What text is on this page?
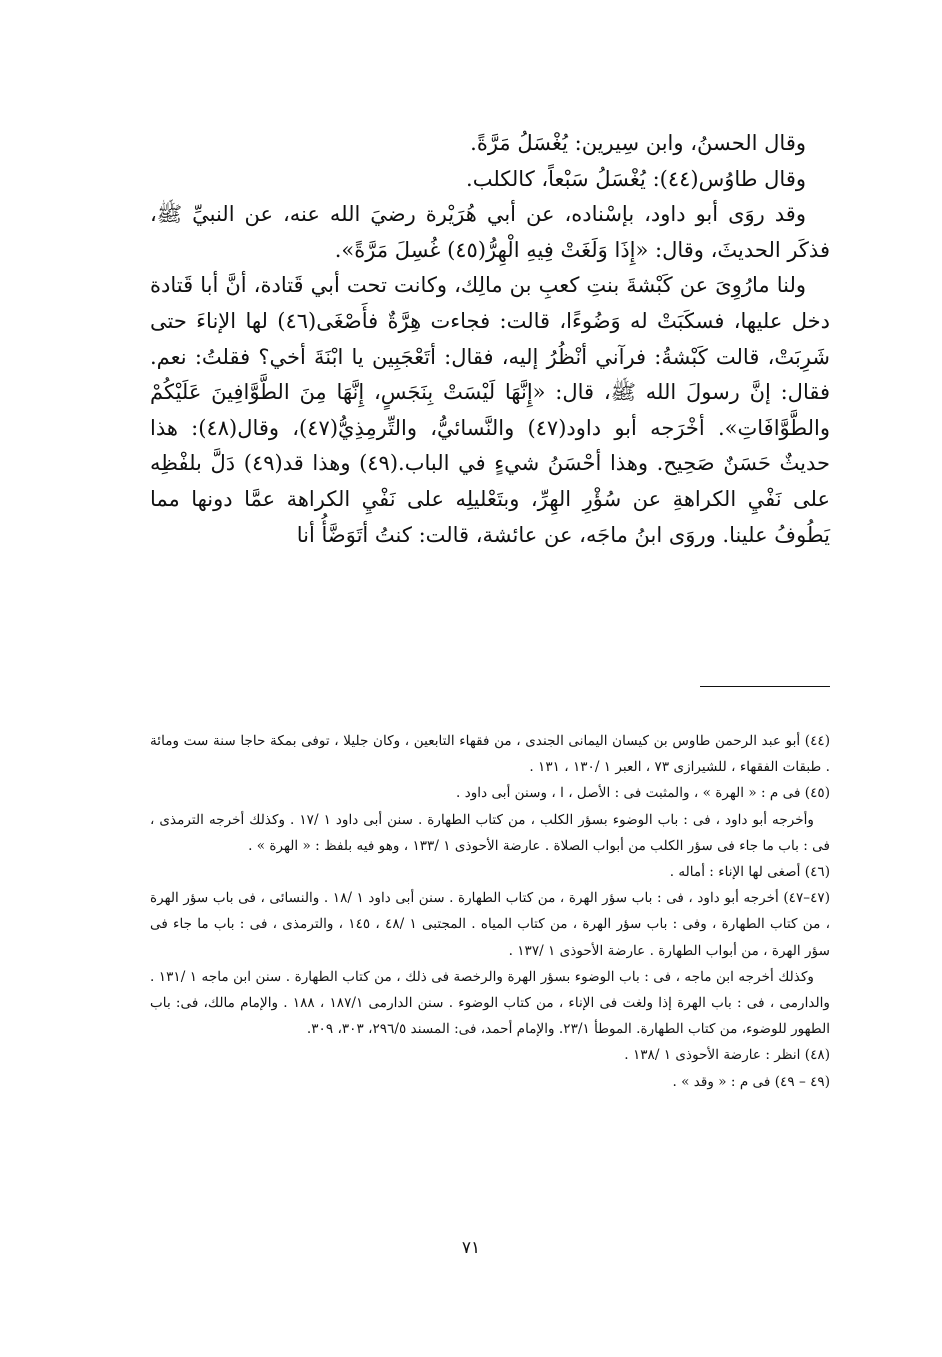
وقال الحسنُ، وابن سِيرين: يُغْسَلُ مَرَّةً.

وقال طاوُس(٤٤): يُغْسَلُ سَبْعاً، كالكلب.

وقد روَى أبو داود، بإسْناده، عن أبي هُرَيْرة رضيَ الله عنه، عن النبيِّ ﷺ، فذكَر الحديثَ، وقال: «إِذَا وَلَغَتْ فِيهِ الْهِرُّ(٤٥) غُسِلَ مَرَّةً».

ولنا مارُوِىَ عن كَبْشةَ بنتِ كعبِ بن مالِك، وكانت تحت أبي قَتادة، أنَّ أبا قَتادة دخل عليها، فسكَبَتْ له وَضُوءًا، قالت: فجاءت هِرَّةٌ فأَصْغَى(٤٦) لها الإناءَ حتى شَرِبَتْ، قالت كَبْشةُ: فرآني أنْظُرُ إليه، فقال: أتَعْجَبِين يا ابْنَةَ أخي؟ فقلتُ: نعم. فقال: إنَّ رسولَ الله ﷺ، قال: «إِنَّهَا لَيْسَتْ بِنَجَسٍ، إِنَّهَا مِنَ الطَّوَّافِينَ عَلَيْكُمْ والطَّوَّافَاتِ». أخْرَجه أبو داود(٤٧) والنَّسائيُّ، والتِّرمِذِيُّ(٤٧)، وقال(٤٨): هذا حديثٌ حَسَنٌ صَحِيح. وهذا أحْسَنُ شيءٍ في الباب.(٤٩) وهذا قد(٤٩) دَلَّ بلفْظِه على نَفْيِ الكراهةِ عن سُؤْرِ الهِرِّ، وبتَعْليلِه على نَفْيِ الكراهة عمَّا دونها مما يَطُوفُ علينا. وروَى ابنُ ماجَه، عن عائشة، قالت: كنتُ أتَوَضَّأُ أنا

(٤٤) أبو عبد الرحمن طاوس بن كيسان اليمانى الجندى ، من فقهاء التابعين ، وكان جليلا ، توفى بمكة حاجا سنة ست ومائة . طبقات الفقهاء ، للشيرازى ٧٣ ، العبر ١ /١٣٠ ، ١٣١ .

(٤٥) فى م : « الهرة » ، والمثبت فى : الأصل ، ا ، وسنن أبى داود .

وأخرجه أبو داود ، فى : باب الوضوء بسؤر الكلب ، من كتاب الطهارة . سنن أبى داود ١ /١٧ . وكذلك أخرجه الترمذى ، فى : باب ما جاء فى سؤر الكلب من أبواب الصلاة . عارضة الأحوذى ١ /١٣٣ ، وهو فيه بلفظ : « الهرة » .

(٤٦) أصغى لها الإناء : أماله .

(٤٧–٤٧) أخرجه أبو داود ، فى : باب سؤر الهرة ، من كتاب الطهارة . سنن أبى داود ١ /١٨ . والنسائى ، فى باب سؤر الهرة ، من كتاب الطهارة ، وفى : باب سؤر الهرة ، من كتاب المياه . المجتبى ١ /٤٨ ، ١٤٥ ، والترمذى ، فى : باب ما جاء فى سؤر الهرة ، من أبواب الطهارة . عارضة الأحوذى ١ /١٣٧ .

وكذلك أخرجه ابن ماجه ، فى : باب الوضوء بسؤر الهرة والرخصة فى ذلك ، من كتاب الطهارة . سنن ابن ماجه ١ /١٣١ . والدارمى ، فى : باب الهرة إذا ولغت فى الإناء ، من كتاب الوضوء . سنن الدارمى ١٨٧/١ ، ١٨٨ . والإمام مالك، فى: باب الطهور للوضوء، من كتاب الطهارة. الموطأ ٢٣/١. والإمام أحمد، فى: المسند ٢٩٦/٥، ٣٠٣، ٣٠٩.

(٤٨) انظر : عارضة الأحوذى ١ /١٣٨ .

(٤٩ – ٤٩) فى م : « وقد » .

٧١
